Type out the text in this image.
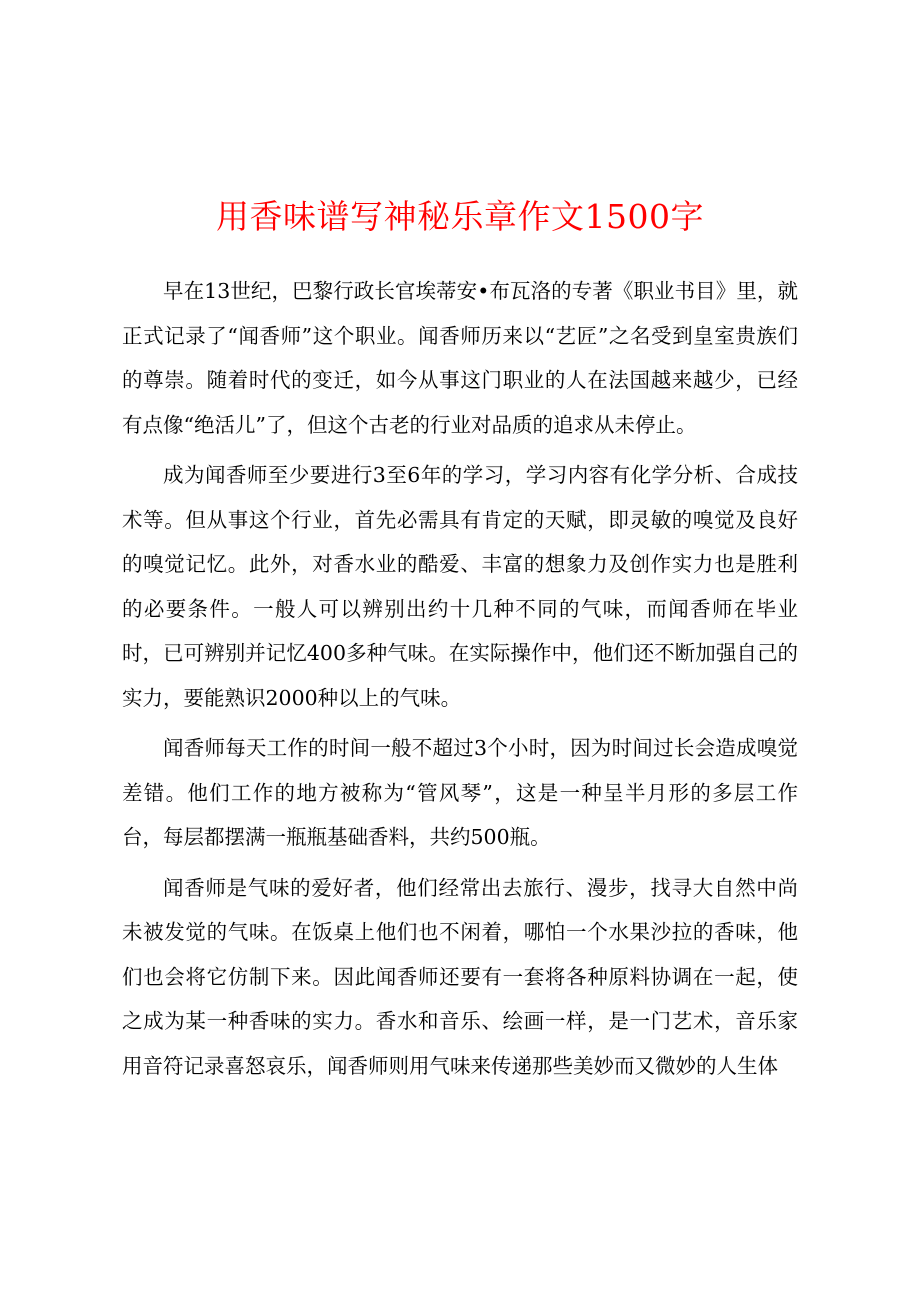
用香味谱写神秘乐章作文1500字

早在13世纪，巴黎行政长官埃蒂安•布瓦洛的专著《职业书目》里，就正式记录了“闻香师”这个职业。闻香师历来以“艺匠”之名受到皇室贵族们的尊崇。随着时代的变迁，如今从事这门职业的人在法国越来越少，已经有点像“绝活儿”了，但这个古老的行业对品质的追求从未停止。

成为闻香师至少要进行3至6年的学习，学习内容有化学分析、合成技术等。但从事这个行业，首先必需具有肯定的天赋，即灵敏的嗅觉及良好的嗅觉记忆。此外，对香水业的酷爱、丰富的想象力及创作实力也是胜利的必要条件。一般人可以辨别出约十几种不同的气味，而闻香师在毕业时，已可辨别并记忆400多种气味。在实际操作中，他们还不断加强自己的实力，要能熟识2000种以上的气味。

闻香师每天工作的时间一般不超过3个小时，因为时间过长会造成嗅觉差错。他们工作的地方被称为“管风琴”，这是一种呈半月形的多层工作台，每层都摆满一瓶瓶基础香料，共约500瓶。

闻香师是气味的爱好者，他们经常出去旅行、漫步，找寻大自然中尚未被发觉的气味。在饭桌上他们也不闲着，哪怕一个水果沙拉的香味，他们也会将它仿制下来。因此闻香师还要有一套将各种原料协调在一起，使之成为某一种香味的实力。香水和音乐、绘画一样，是一门艺术，音乐家用音符记录喜怒哀乐，闻香师则用气味来传递那些美妙而又微妙的人生体
